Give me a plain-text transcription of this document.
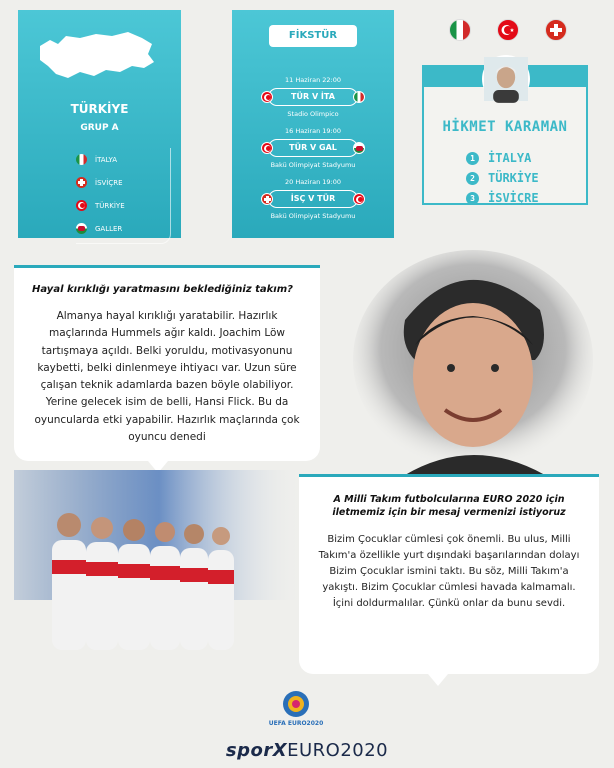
TÜRKİYE
GRUP A
İTALYA
İSVİÇRE
TÜRKİYE
GALLER
FİKSTÜR
11 Haziran 22:00
TÜR V İTA
Stadio Olimpico
16 Haziran 19:00
TÜR V GAL
Bakü Olimpiyat Stadyumu
20 Haziran 19:00
İSÇ V TÜR
Bakü Olimpiyat Stadyumu
HİKMET KARAMAN
1	İTALYA
2	TÜRKİYE
3	İSVİÇRE
Hayal kırıklığı yaratmasını beklediğiniz takım?
Almanya hayal kırıklığı yaratabilir. Hazırlık maçlarında Hummels ağır kaldı. Joachim Löw tartışmaya açıldı. Belki yoruldu, motivasyonunu kaybetti, belki dinlenmeye ihtiyacı var. Uzun süre çalışan teknik adamlarda bazen böyle olabiliyor. Yerine gelecek isim de belli, Hansi Flick. Bu da oyuncularda etki yapabilir. Hazırlık maçlarında çok oyuncu denedi
A Milli Takım futbolcularına EURO 2020 için iletmemiz için bir mesaj vermenizi istiyoruz
Bizim Çocuklar cümlesi çok önemli. Bu ulus, Milli Takım'a özellikle yurt dışındaki başarılarından dolayı Bizim Çocuklar ismini taktı. Bu söz, Milli Takım'a yakıştı. Bizim Çocuklar cümlesi havada kalmamalı. İçini doldurmalılar. Çünkü onlar da bunu sevdi.
UEFA EURO2020
sporXEURO2020
